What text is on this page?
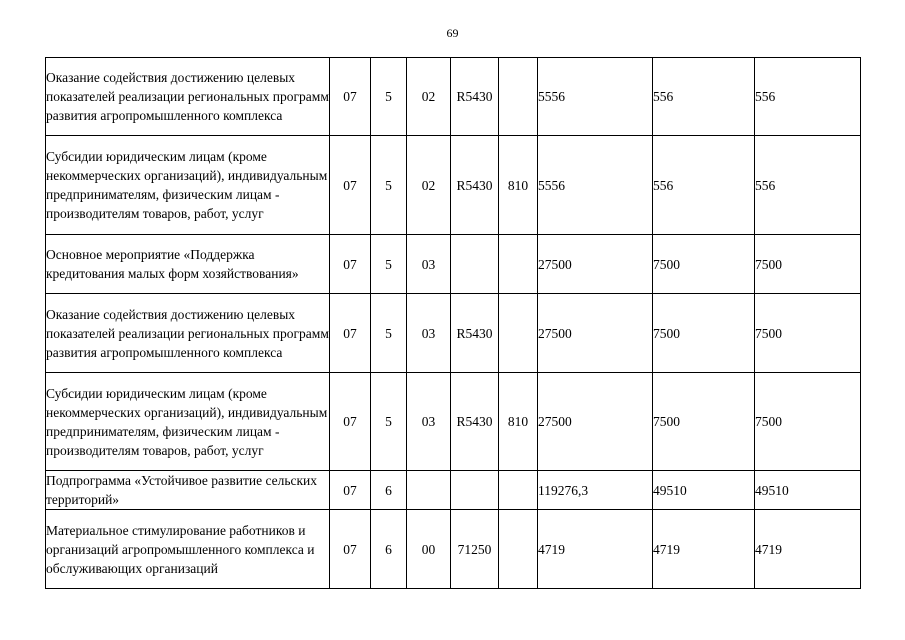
69
Оказание содействия достижению целевых показателей реализации региональных программ развития агропромышленного комплекса	07	5	02	R5430		5556	556	556
Субсидии юридическим лицам (кроме некоммерческих организаций), индивидуальным предпринимателям, физическим лицам - производителям товаров, работ, услуг	07	5	02	R5430	810	5556	556	556
Основное мероприятие «Поддержка кредитования малых форм хозяйствования»	07	5	03			27500	7500	7500
Оказание содействия достижению целевых показателей реализации региональных программ развития агропромышленного комплекса	07	5	03	R5430		27500	7500	7500
Субсидии юридическим лицам (кроме некоммерческих организаций), индивидуальным предпринимателям, физическим лицам - производителям товаров, работ, услуг	07	5	03	R5430	810	27500	7500	7500
Подпрограмма «Устойчивое развитие сельских территорий»	07	6				119276,3	49510	49510
Материальное стимулирование работников и организаций агропромышленного комплекса и обслуживающих организаций	07	6	00	71250		4719	4719	4719
